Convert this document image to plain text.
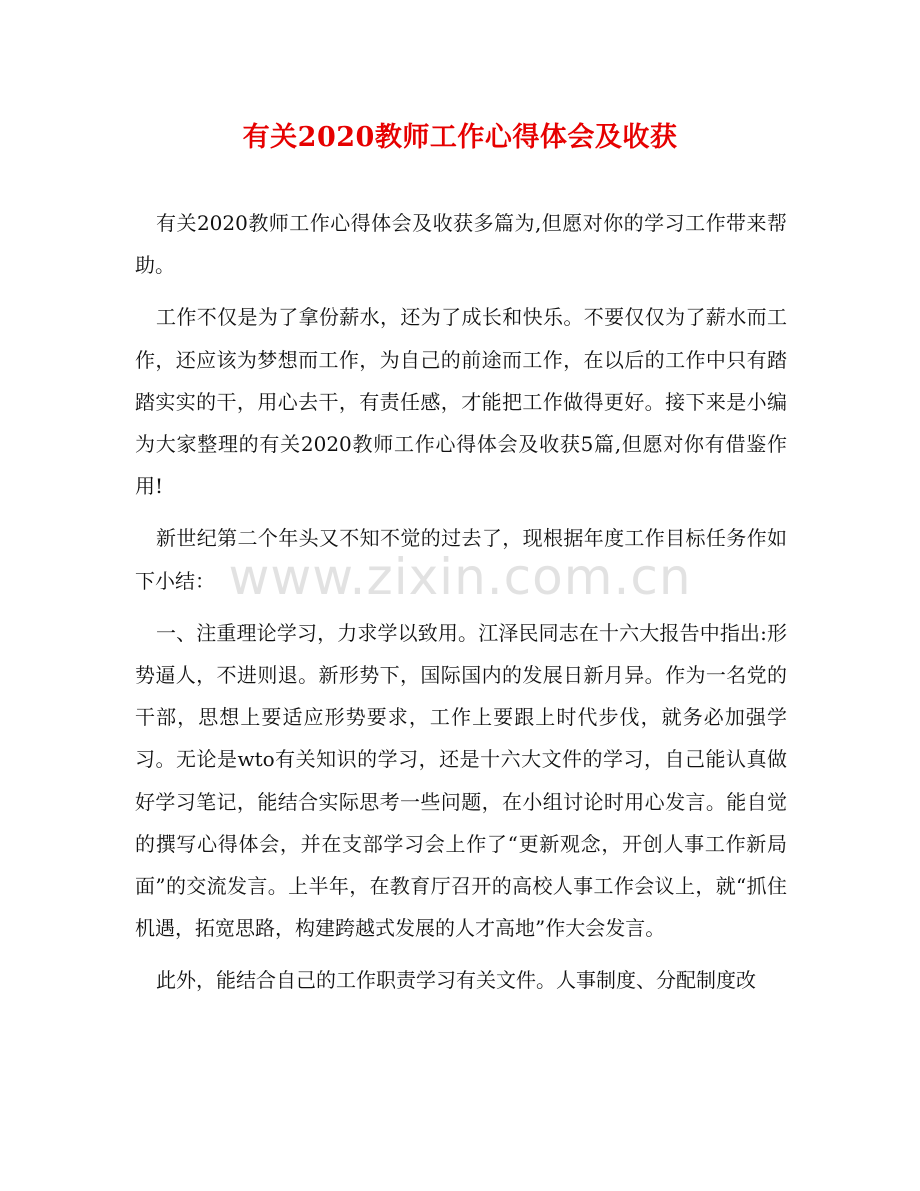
有关2020教师工作心得体会及收获

有关2020教师工作心得体会及收获多篇为,但愿对你的学习工作带来帮助。

工作不仅是为了拿份薪水，还为了成长和快乐。不要仅仅为了薪水而工作，还应该为梦想而工作，为自己的前途而工作，在以后的工作中只有踏踏实实的干，用心去干，有责任感，才能把工作做得更好。接下来是小编为大家整理的有关2020教师工作心得体会及收获5篇,但愿对你有借鉴作用!

新世纪第二个年头又不知不觉的过去了，现根据年度工作目标任务作如下小结：

一、注重理论学习，力求学以致用。江泽民同志在十六大报告中指出:形势逼人，不进则退。新形势下，国际国内的发展日新月异。作为一名党的干部，思想上要适应形势要求，工作上要跟上时代步伐，就务必加强学习。无论是wto有关知识的学习，还是十六大文件的学习，自己能认真做好学习笔记，能结合实际思考一些问题，在小组讨论时用心发言。能自觉的撰写心得体会，并在支部学习会上作了“更新观念，开创人事工作新局面”的交流发言。上半年，在教育厅召开的高校人事工作会议上，就“抓住机遇，拓宽思路，构建跨越式发展的人才高地”作大会发言。

此外，能结合自己的工作职责学习有关文件。人事制度、分配制度改

www.zixin.com.cn
